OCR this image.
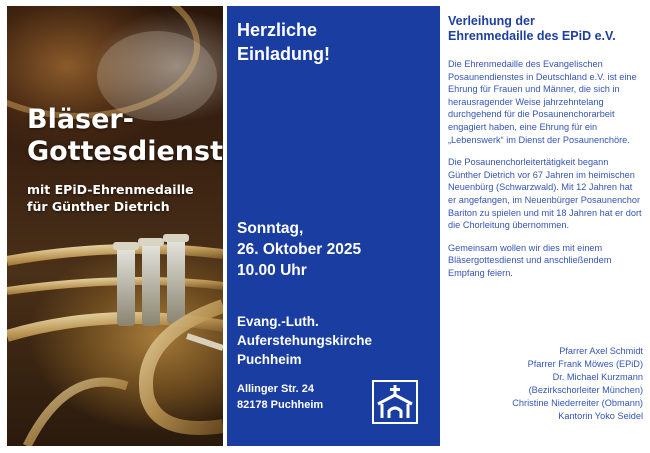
Bläser-
Gottesdienst
mit EPiD-Ehrenmedaille
für Günther Dietrich
Herzliche
Einladung!
Sonntag,
26. Oktober 2025
10.00 Uhr
Evang.-Luth.
Auferstehungskirche
Puchheim
Allinger Str. 24
82178 Puchheim
Verleihung der
Ehrenmedaille des EPiD e.V.

Die Ehrenmedaille des Evangelischen Posaunendienstes in Deutschland e.V. ist eine Ehrung für Frauen und Männer, die sich in herausragender Weise jahrzehntelang durchgehend für die Posaunenchorarbeit engagiert haben, eine Ehrung für ein „Lebenswerk“ im Dienst der Posaunenchöre.

Die Posaunenchorleitertätigkeit begann Günther Dietrich vor 67 Jahren im heimischen Neuenbürg (Schwarzwald). Mit 12 Jahren hat er angefangen, im Neuenbürger Posaunenchor Bariton zu spielen und mit 18 Jahren hat er dort die Chorleitung übernommen.

Gemeinsam wollen wir dies mit einem Bläsergottesdienst und anschließendem Empfang feiern.

Pfarrer Axel Schmidt
Pfarrer Frank Möwes (EPiD)
Dr. Michael Kurzmann
(Bezirkschorleiter München)
Christine Niederreiter (Obmann)
Kantorin Yoko Seidel
